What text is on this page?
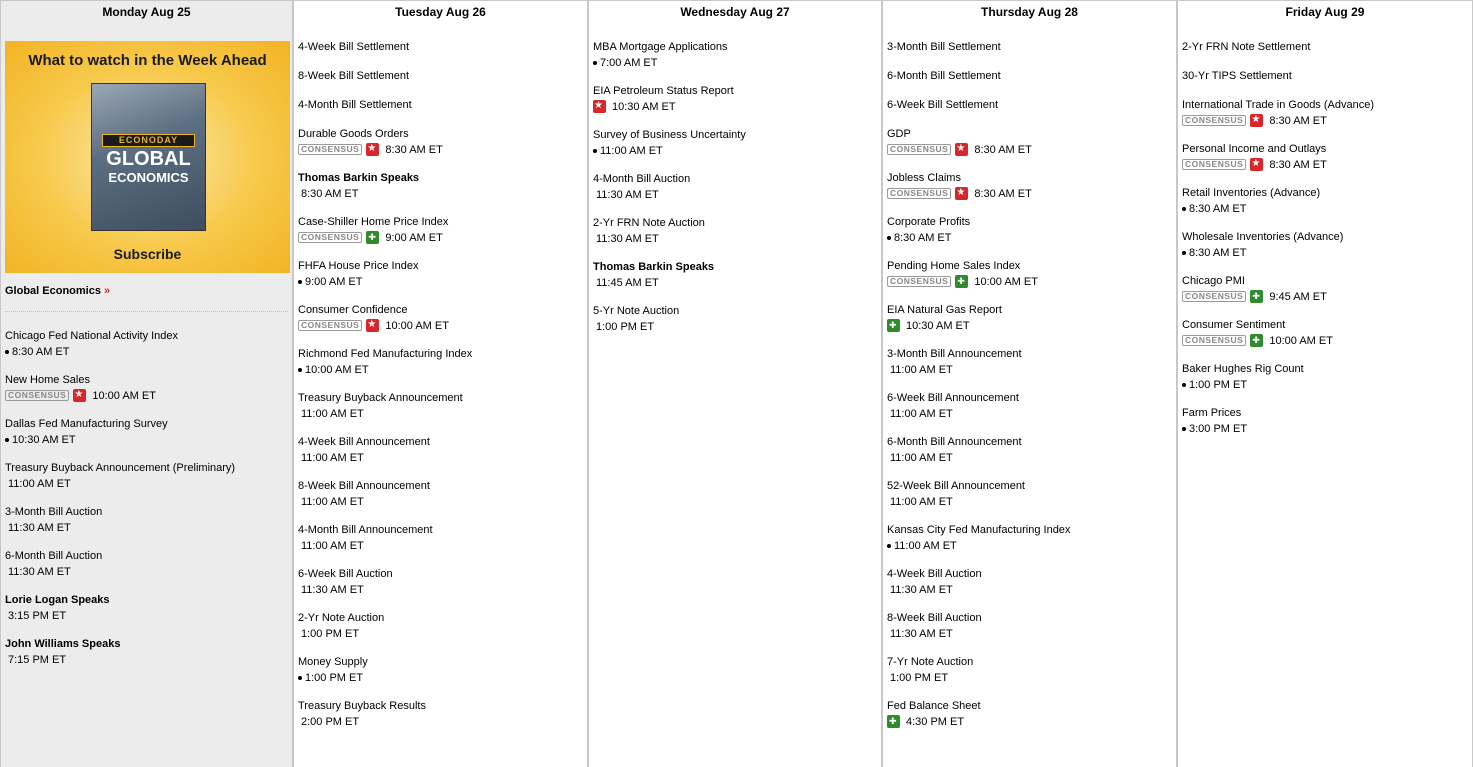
Monday Aug 25
What to watch in the Week Ahead
ECONODAY
GLOBAL
ECONOMICS
Subscribe
Global Economics »
Chicago Fed National Activity Index
8:30 AM ET
New Home Sales
CONSENSUS ★ 10:00 AM ET
Dallas Fed Manufacturing Survey
10:30 AM ET
Treasury Buyback Announcement (Preliminary)
11:00 AM ET
3-Month Bill Auction
11:30 AM ET
6-Month Bill Auction
11:30 AM ET
Lorie Logan Speaks
3:15 PM ET
John Williams Speaks
7:15 PM ET
Tuesday Aug 26
4-Week Bill Settlement
8-Week Bill Settlement
4-Month Bill Settlement
Durable Goods Orders
CONSENSUS ★ 8:30 AM ET
Thomas Barkin Speaks
8:30 AM ET
Case-Shiller Home Price Index
CONSENSUS ✚ 9:00 AM ET
FHFA House Price Index
9:00 AM ET
Consumer Confidence
CONSENSUS ★ 10:00 AM ET
Richmond Fed Manufacturing Index
10:00 AM ET
Treasury Buyback Announcement
11:00 AM ET
4-Week Bill Announcement
11:00 AM ET
8-Week Bill Announcement
11:00 AM ET
4-Month Bill Announcement
11:00 AM ET
6-Week Bill Auction
11:30 AM ET
2-Yr Note Auction
1:00 PM ET
Money Supply
1:00 PM ET
Treasury Buyback Results
2:00 PM ET
Wednesday Aug 27
MBA Mortgage Applications
7:00 AM ET
EIA Petroleum Status Report
★
10:30 AM ET
Survey of Business Uncertainty
11:00 AM ET
4-Month Bill Auction
11:30 AM ET
2-Yr FRN Note Auction
11:30 AM ET
Thomas Barkin Speaks
11:45 AM ET
5-Yr Note Auction
1:00 PM ET
Thursday Aug 28
3-Month Bill Settlement
6-Month Bill Settlement
6-Week Bill Settlement
GDP
CONSENSUS ★ 8:30 AM ET
Jobless Claims
CONSENSUS ★ 8:30 AM ET
Corporate Profits
8:30 AM ET
Pending Home Sales Index
CONSENSUS ✚ 10:00 AM ET
EIA Natural Gas Report
✚
10:30 AM ET
3-Month Bill Announcement
11:00 AM ET
6-Week Bill Announcement
11:00 AM ET
6-Month Bill Announcement
11:00 AM ET
52-Week Bill Announcement
11:00 AM ET
Kansas City Fed Manufacturing Index
11:00 AM ET
4-Week Bill Auction
11:30 AM ET
8-Week Bill Auction
11:30 AM ET
7-Yr Note Auction
1:00 PM ET
Fed Balance Sheet
✚
4:30 PM ET
Friday Aug 29
2-Yr FRN Note Settlement
30-Yr TIPS Settlement
International Trade in Goods (Advance)
CONSENSUS ★ 8:30 AM ET
Personal Income and Outlays
CONSENSUS ★ 8:30 AM ET
Retail Inventories (Advance)
8:30 AM ET
Wholesale Inventories (Advance)
8:30 AM ET
Chicago PMI
CONSENSUS ✚ 9:45 AM ET
Consumer Sentiment
CONSENSUS ✚ 10:00 AM ET
Baker Hughes Rig Count
1:00 PM ET
Farm Prices
3:00 PM ET
